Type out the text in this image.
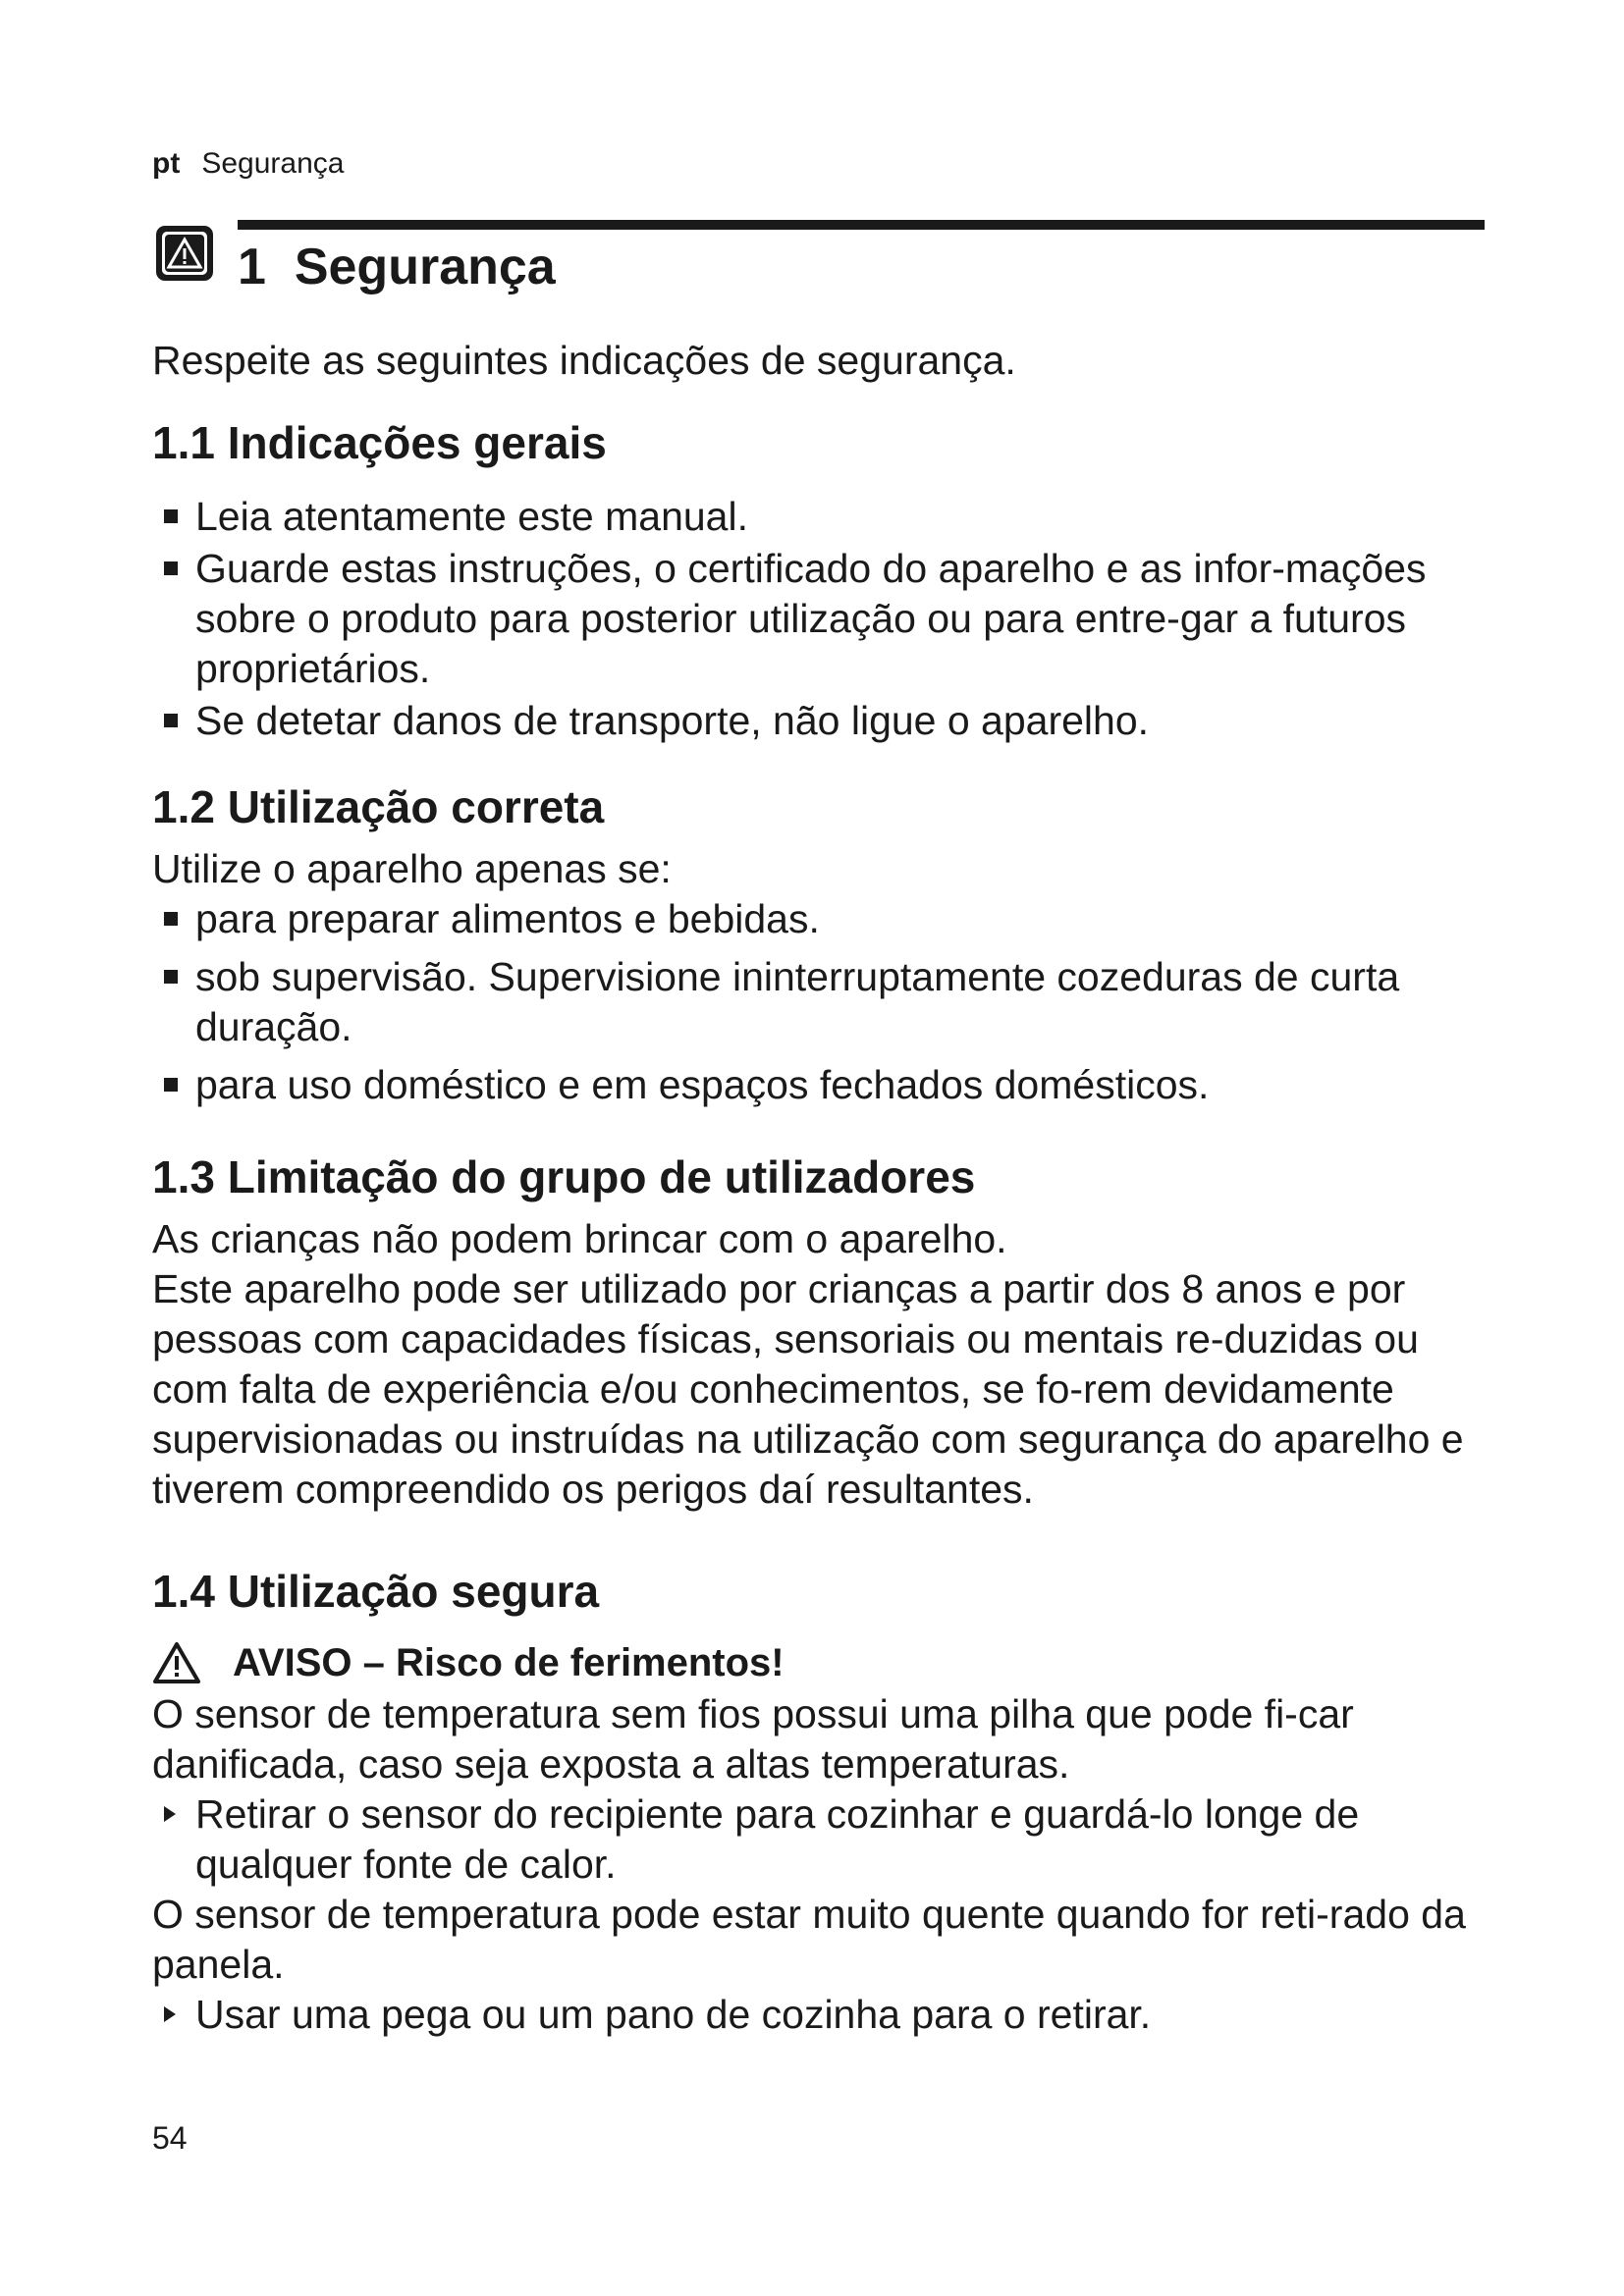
pt Segurança
1 Segurança

Respeite as seguintes indicações de segurança.

1.1 Indicações gerais
Leia atentamente este manual.
Guarde estas instruções, o certificado do aparelho e as infor-mações sobre o produto para posterior utilização ou para entre-gar a futuros proprietários.
Se detetar danos de transporte, não ligue o aparelho.
1.2 Utilização correta

Utilize o aparelho apenas se:

para preparar alimentos e bebidas.
sob supervisão. Supervisione ininterruptamente cozeduras de curta duração.
para uso doméstico e em espaços fechados domésticos.
1.3 Limitação do grupo de utilizadores

As crianças não podem brincar com o aparelho.

Este aparelho pode ser utilizado por crianças a partir dos 8 anos e por pessoas com capacidades físicas, sensoriais ou mentais re-duzidas ou com falta de experiência e/ou conhecimentos, se fo-rem devidamente supervisionadas ou instruídas na utilização com segurança do aparelho e tiverem compreendido os perigos daí resultantes.

1.4 Utilização segura
AVISO – Risco de ferimentos!

O sensor de temperatura sem fios possui uma pilha que pode fi-car danificada, caso seja exposta a altas temperaturas.

Retirar o sensor do recipiente para cozinhar e guardá-lo longe de qualquer fonte de calor.

O sensor de temperatura pode estar muito quente quando for reti-rado da panela.

Usar uma pega ou um pano de cozinha para o retirar.
54
